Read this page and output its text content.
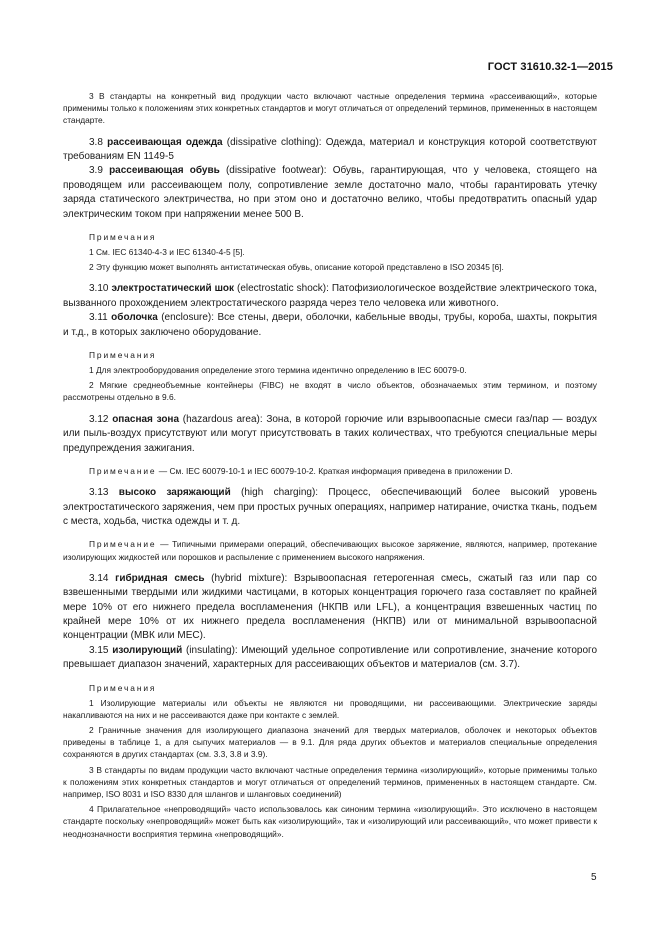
ГОСТ 31610.32-1—2015

3 В стандарты на конкретный вид продукции часто включают частные определения термина «рассеивающий», которые применимы только к положениям этих конкретных стандартов и могут отличаться от определений терминов, примененных в настоящем стандарте.

3.8 рассеивающая одежда (dissipative clothing): Одежда, материал и конструкция которой соответствуют требованиям EN 1149-5

3.9 рассеивающая обувь (dissipative footwear): Обувь, гарантирующая, что у человека, стоящего на проводящем или рассеивающем полу, сопротивление земле достаточно мало, чтобы гарантировать утечку заряда статического электричества, но при этом оно и достаточно велико, чтобы предотвратить опасный удар электрическим током при напряжении менее 500 В.

Примечания

1 См. IEC 61340-4-3 и IEC 61340-4-5 [5].

2 Эту функцию может выполнять антистатическая обувь, описание которой представлено в ISO 20345 [6].

3.10 электростатический шок (electrostatic shock): Патофизиологическое воздействие электрического тока, вызванного прохождением электростатического разряда через тело человека или животного.

3.11 оболочка (enclosure): Все стены, двери, оболочки, кабельные вводы, трубы, короба, шахты, покрытия и т.д., в которых заключено оборудование.

Примечания

1 Для электрооборудования определение этого термина идентично определению в IEC 60079-0.

2 Мягкие среднеобъемные контейнеры (FIBC) не входят в число объектов, обозначаемых этим термином, и поэтому рассмотрены отдельно в 9.6.

3.12 опасная зона (hazardous area): Зона, в которой горючие или взрывоопасные смеси газ/пар — воздух или пыль-воздух присутствуют или могут присутствовать в таких количествах, что требуются специальные меры предупреждения зажигания.

Примечание — См. IEC 60079-10-1 и IEC 60079-10-2. Краткая информация приведена в приложении D.

3.13 высоко заряжающий (high charging): Процесс, обеспечивающий более высокий уровень электростатического заряжения, чем при простых ручных операциях, например натирание, очистка ткань, подъем с места, ходьба, чистка одежды и т. д.

Примечание — Типичными примерами операций, обеспечивающих высокое заряжение, являются, например, протекание изолирующих жидкостей или порошков и распыление с применением высокого напряжения.

3.14 гибридная смесь (hybrid mixture): Взрывоопасная гетерогенная смесь, сжатый газ или пар со взвешенными твердыми или жидкими частицами, в которых концентрация горючего газа составляет по крайней мере 10% от его нижнего предела воспламенения (НКПВ или LFL), а концентрация взвешенных частиц по крайней мере 10% от их нижнего предела воспламенения (НКПВ) или от минимальной взрывоопасной концентрации (МВК или MEC).

3.15 изолирующий (insulating): Имеющий удельное сопротивление или сопротивление, значение которого превышает диапазон значений, характерных для рассеивающих объектов и материалов (см. 3.7).

Примечания

1 Изолирующие материалы или объекты не являются ни проводящими, ни рассеивающими. Электрические заряды накапливаются на них и не рассеиваются даже при контакте с землей.

2 Граничные значения для изолирующего диапазона значений для твердых материалов, оболочек и некоторых объектов приведены в таблице 1, а для сыпучих материалов — в 9.1. Для ряда других объектов и материалов специальные определения сохраняются в других стандартах (см. 3.3, 3.8 и 3.9).

3 В стандарты по видам продукции часто включают частные определения термина «изолирующий», которые применимы только к положениям этих конкретных стандартов и могут отличаться от определений терминов, примененных в настоящем стандарте. См. например, ISO 8031 и ISO 8330 для шлангов и шланговых соединений)

4 Прилагательное «непроводящий» часто использовалось как синоним термина «изолирующий». Это исключено в настоящем стандарте поскольку «непроводящий» может быть как «изолирующий», так и «изолирующий или рассеивающий», что может привести к неоднозначности восприятия термина «непроводящий».

5
